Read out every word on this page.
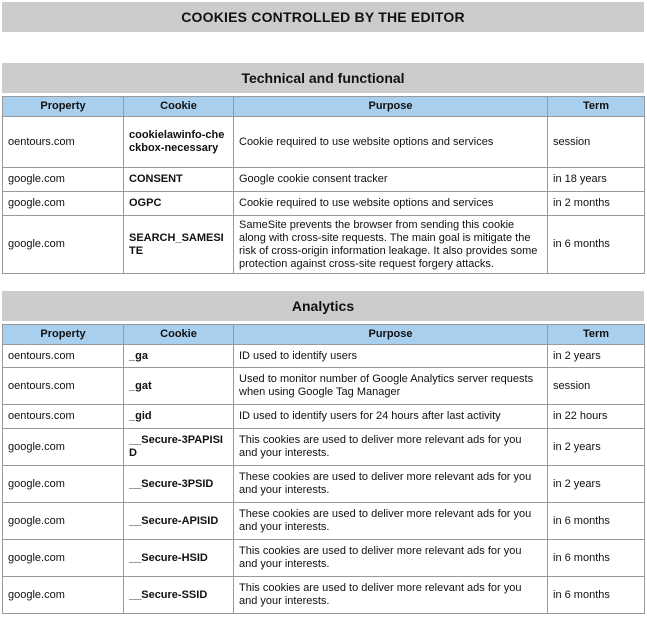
COOKIES CONTROLLED BY THE EDITOR
Technical and functional
Property	Cookie	Purpose	Term
oentours.com	cookielawinfo-checkbox-necessary	Cookie required to use website options and services	session
google.com	CONSENT	Google cookie consent tracker	in 18 years
google.com	OGPC	Cookie required to use website options and services	in 2 months
google.com	SEARCH_SAMESITE	SameSite prevents the browser from sending this cookie along with cross-site requests. The main goal is mitigate the risk of cross-origin information leakage. It also provides some protection against cross-site request forgery attacks.	in 6 months
Analytics
Property	Cookie	Purpose	Term
oentours.com	_ga	ID used to identify users	in 2 years
oentours.com	_gat	Used to monitor number of Google Analytics server requests when using Google Tag Manager	session
oentours.com	_gid	ID used to identify users for 24 hours after last activity	in 22 hours
google.com	__Secure-3PAPISID	This cookies are used to deliver more relevant ads for you and your interests.	in 2 years
google.com	__Secure-3PSID	These cookies are used to deliver more relevant ads for you and your interests.	in 2 years
google.com	__Secure-APISID	These cookies are used to deliver more relevant ads for you and your interests.	in 6 months
google.com	__Secure-HSID	This cookies are used to deliver more relevant ads for you and your interests.	in 6 months
google.com	__Secure-SSID	This cookies are used to deliver more relevant ads for you and your interests.	in 6 months
